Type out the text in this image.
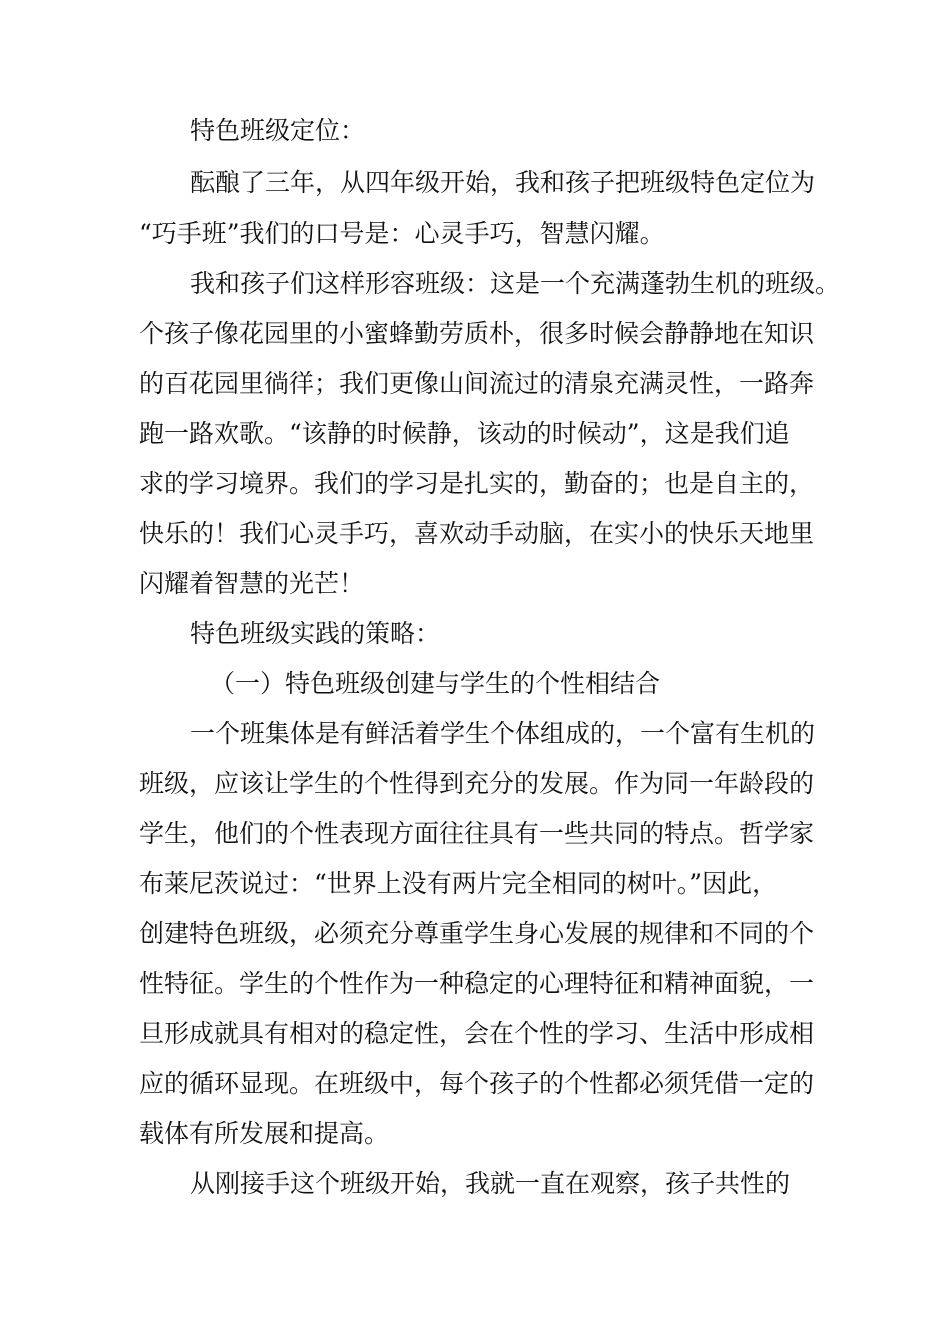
特色班级定位：
酝酿了三年，从四年级开始，我和孩子把班级特色定位为
“巧手班”我们的口号是：心灵手巧，智慧闪耀。
我和孩子们这样形容班级：这是一个充满蓬勃生机的班级。
个孩子像花园里的小蜜蜂勤劳质朴，很多时候会静静地在知识
的百花园里徜徉；我们更像山间流过的清泉充满灵性，一路奔
跑一路欢歌。“该静的时候静，该动的时候动”，这是我们追
求的学习境界。我们的学习是扎实的，勤奋的；也是自主的，
快乐的！我们心灵手巧，喜欢动手动脑，在实小的快乐天地里
闪耀着智慧的光芒！
特色班级实践的策略：
（一）特色班级创建与学生的个性相结合
一个班集体是有鲜活着学生个体组成的，一个富有生机的
班级，应该让学生的个性得到充分的发展。作为同一年龄段的
学生，他们的个性表现方面往往具有一些共同的特点。哲学家
布莱尼茨说过：“世界上没有两片完全相同的树叶。”因此，
创建特色班级，必须充分尊重学生身心发展的规律和不同的个
性特征。学生的个性作为一种稳定的心理特征和精神面貌，一
旦形成就具有相对的稳定性，会在个性的学习、生活中形成相
应的循环显现。在班级中，每个孩子的个性都必须凭借一定的
载体有所发展和提高。
从刚接手这个班级开始，我就一直在观察，孩子共性的
